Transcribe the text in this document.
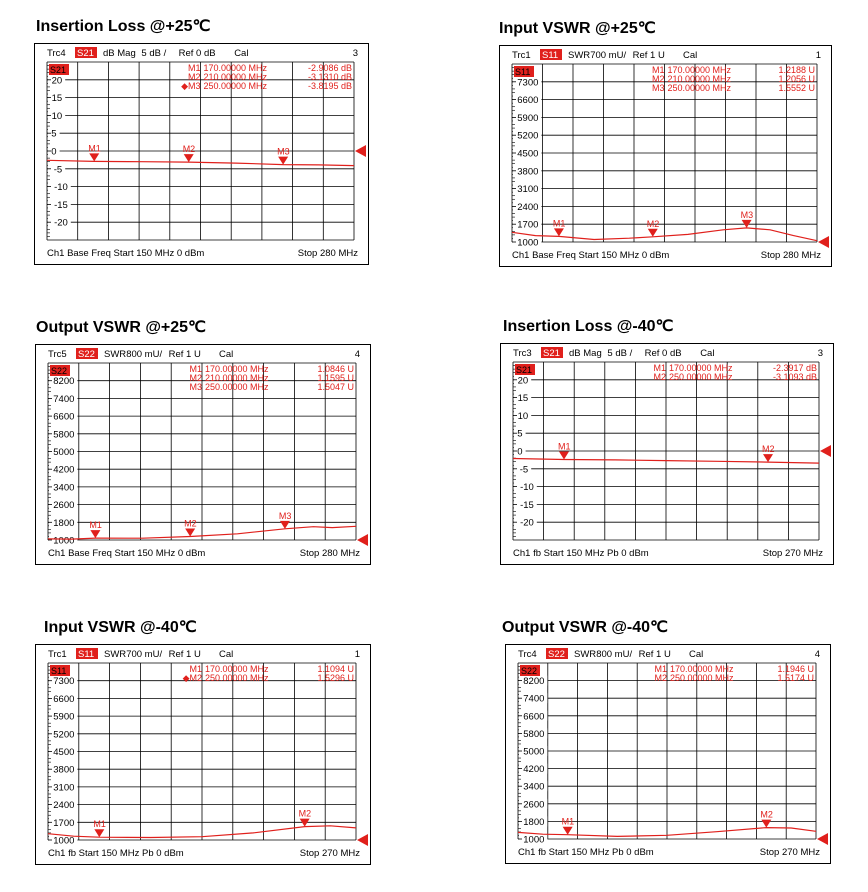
Insertion Loss @+25℃
Trc4 S21 dB Mag 5 dB / Ref 0 dB Cal	3
20
15
10
5
0
-5
-10
-15
-20
S21	M1 170.00000 MHz	-2.9086 dB
M2 210.00000 MHz	-3.1310 dB
◆M3 250.00000 MHz	-3.8195 dB
M1	M2	M3
Ch1 Base Freq Start 150 MHz 0 dBm	Stop 280 MHz
Input VSWR @+25℃
Trc1 S11 SWR 700 mU/ Ref 1 U Cal	1
7300
6600
5900
5200
4500
3800
3100
2400
1700
1000
S11	M1 170.00000 MHz	1.2188 U
M2 210.00000 MHz	1.2056 U
M3 250.00000 MHz	1.5552 U
M1	M2
M3
Ch1 Base Freq Start 150 MHz 0 dBm	Stop 280 MHz
Output VSWR @+25℃
Trc5 S22 SWR 800 mU/ Ref 1 U Cal	4
8200
7400
6600
5800
5000
4200
3400
2600
1800
1000
S22	M1 170.00000 MHz	1.0846 U
M2 210.00000 MHz	1.1595 U
M3 250.00000 MHz	1.5047 U
M1	M2
M3
Ch1 Base Freq Start 150 MHz 0 dBm	Stop 280 MHz
Insertion Loss @-40℃
Trc3 S21 dB Mag 5 dB / Ref 0 dB Cal	3
20
15
10
5
0
-5
-10
-15
-20
S21	M1 170.00000 MHz	-2.3917 dB
M2 250.00000 MHz	-3.1093 dB
M1	M2
Ch1 fb Start 150 MHz Pb 0 dBm	Stop 270 MHz
Input VSWR @-40℃
Trc1 S11 SWR 700 mU/ Ref 1 U Cal	1
7300
6600
5900
5200
4500
3800
3100
2400
1700
1000
S11	M1 170.00000 MHz	1.1094 U
◆M2 250.00000 MHz	1.5296 U
M1
M2
Ch1 fb Start 150 MHz Pb 0 dBm	Stop 270 MHz
Output VSWR @-40℃
Trc4 S22 SWR 800 mU/ Ref 1 U Cal	4
8200
7400
6600
5800
5000
4200
3400
2600
1800
1000
S22	M1 170.00000 MHz	1.1946 U
M2 250.00000 MHz	1.5174 U
M1
M2
Ch1 fb Start 150 MHz Pb 0 dBm	Stop 270 MHz
